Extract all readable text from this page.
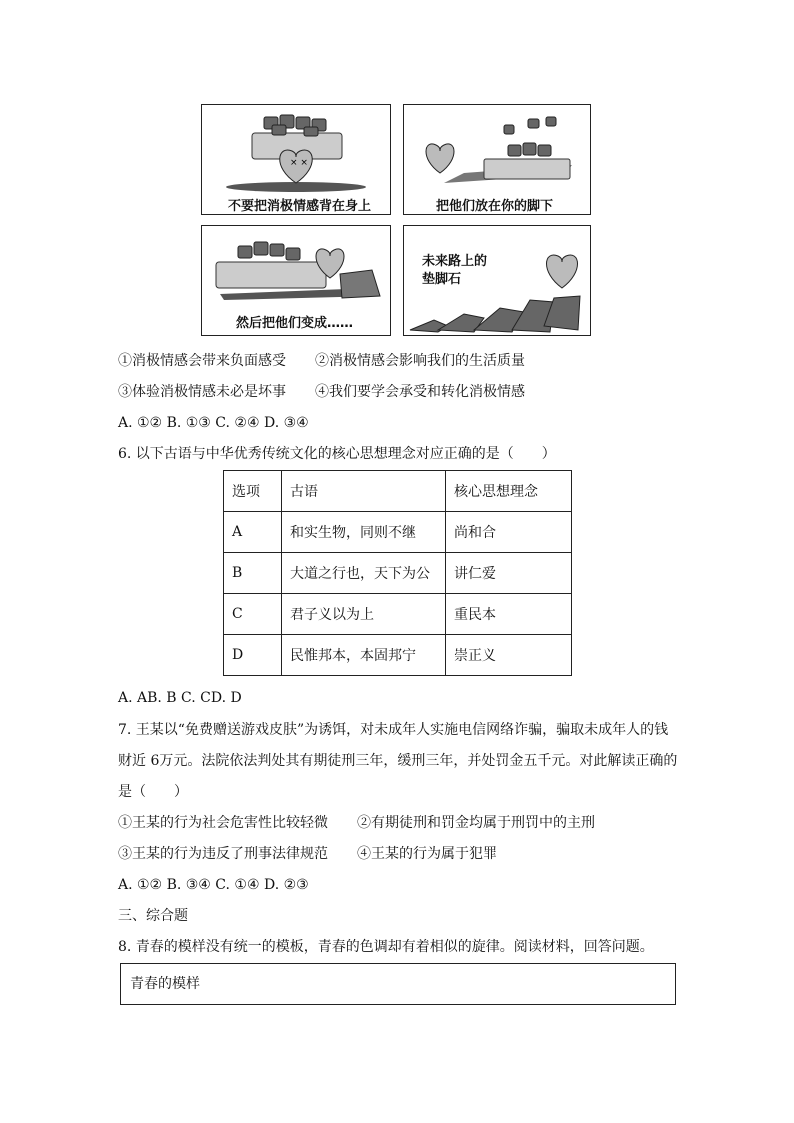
× ×
不要把消极情感背在身上	把他们放在你的脚下
然后把他们变成……
未来路上的
垫脚石
①消极情感会带来负面感受 ②消极情感会影响我们的生活质量
③体验消极情感未必是坏事 ④我们要学会承受和转化消极情感
A. ①② B. ①③ C. ②④ D. ③④
6. 以下古语与中华优秀传统文化的核心思想理念对应正确的是（　　）
选项	古语	核心思想理念
A	和实生物，同则不继	尚和合
B	大道之行也，天下为公	讲仁爱
C	君子义以为上	重民本
D	民惟邦本，本固邦宁	崇正义
A. AB. B C. CD. D
7. 王某以“免费赠送游戏皮肤”为诱饵，对未成年人实施电信网络诈骗，骗取未成年人的钱
财近 6万元。法院依法判处其有期徒刑三年，缓刑三年，并处罚金五千元。对此解读正确的
是（　　）
①王某的行为社会危害性比较轻微 ②有期徒刑和罚金均属于刑罚中的主刑
③王某的行为违反了刑事法律规范 ④王某的行为属于犯罪
A. ①② B. ③④ C. ①④ D. ②③
三、综合题
8. 青春的模样没有统一的模板，青春的色调却有着相似的旋律。阅读材料，回答问题。
青春的模样
